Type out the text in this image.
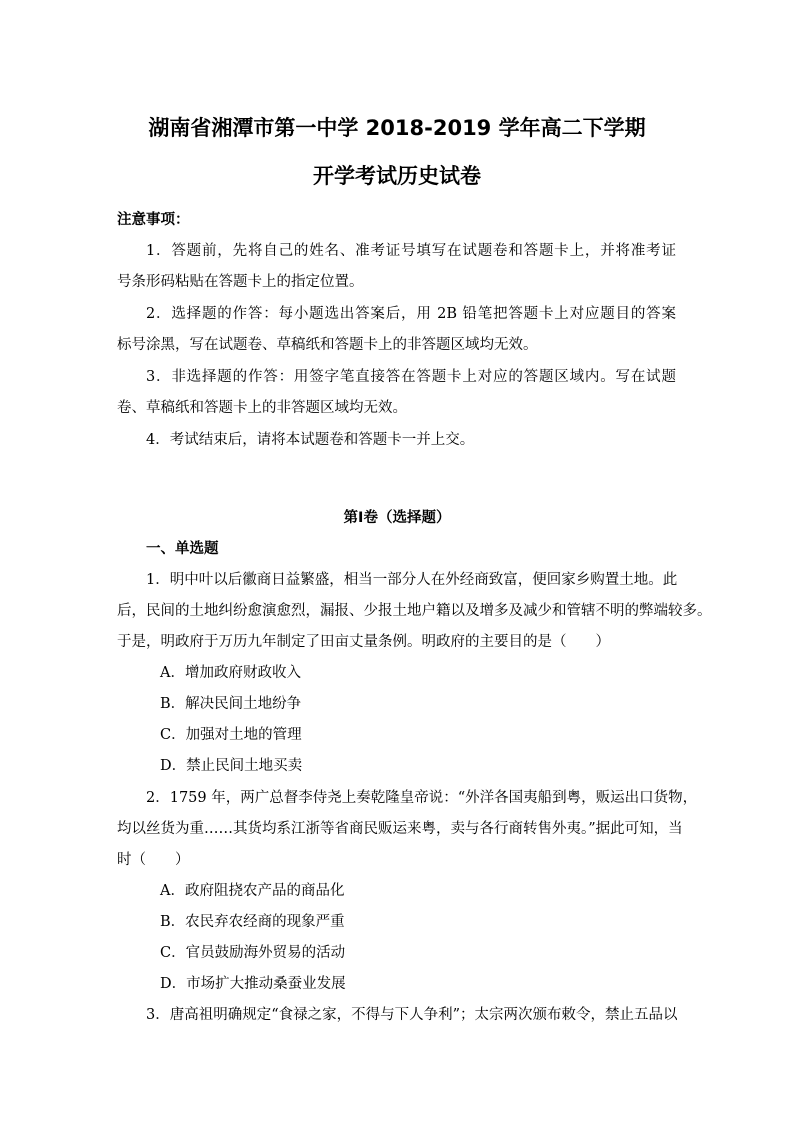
湖南省湘潭市第一中学 2018-2019 学年高二下学期
开学考试历史试卷
注意事项：
1．答题前，先将自己的姓名、准考证号填写在试题卷和答题卡上，并将准考证
号条形码粘贴在答题卡上的指定位置。
2．选择题的作答：每小题选出答案后，用 2B 铅笔把答题卡上对应题目的答案
标号涂黑，写在试题卷、草稿纸和答题卡上的非答题区域均无效。
3．非选择题的作答：用签字笔直接答在答题卡上对应的答题区域内。写在试题
卷、草稿纸和答题卡上的非答题区域均无效。
4．考试结束后，请将本试题卷和答题卡一并上交。
第Ⅰ卷（选择题）
一、单选题
1．明中叶以后徽商日益繁盛，相当一部分人在外经商致富，便回家乡购置土地。此
后，民间的土地纠纷愈演愈烈，漏报、少报土地户籍以及增多及减少和管辖不明的弊端较多。
于是，明政府于万历九年制定了田亩丈量条例。明政府的主要目的是（　　）
A．增加政府财政收入
B．解决民间土地纷争
C．加强对土地的管理
D．禁止民间土地买卖
2．1759 年，两广总督李侍尧上奏乾隆皇帝说：“外洋各国夷船到粤，贩运出口货物，
均以丝货为重……其货均系江浙等省商民贩运来粤，卖与各行商转售外夷。”据此可知，当
时（　　）
A．政府阻挠农产品的商品化
B．农民弃农经商的现象严重
C．官员鼓励海外贸易的活动
D．市场扩大推动桑蚕业发展
3．唐高祖明确规定“食禄之家，不得与下人争利”；太宗两次颁布敕令，禁止五品以
